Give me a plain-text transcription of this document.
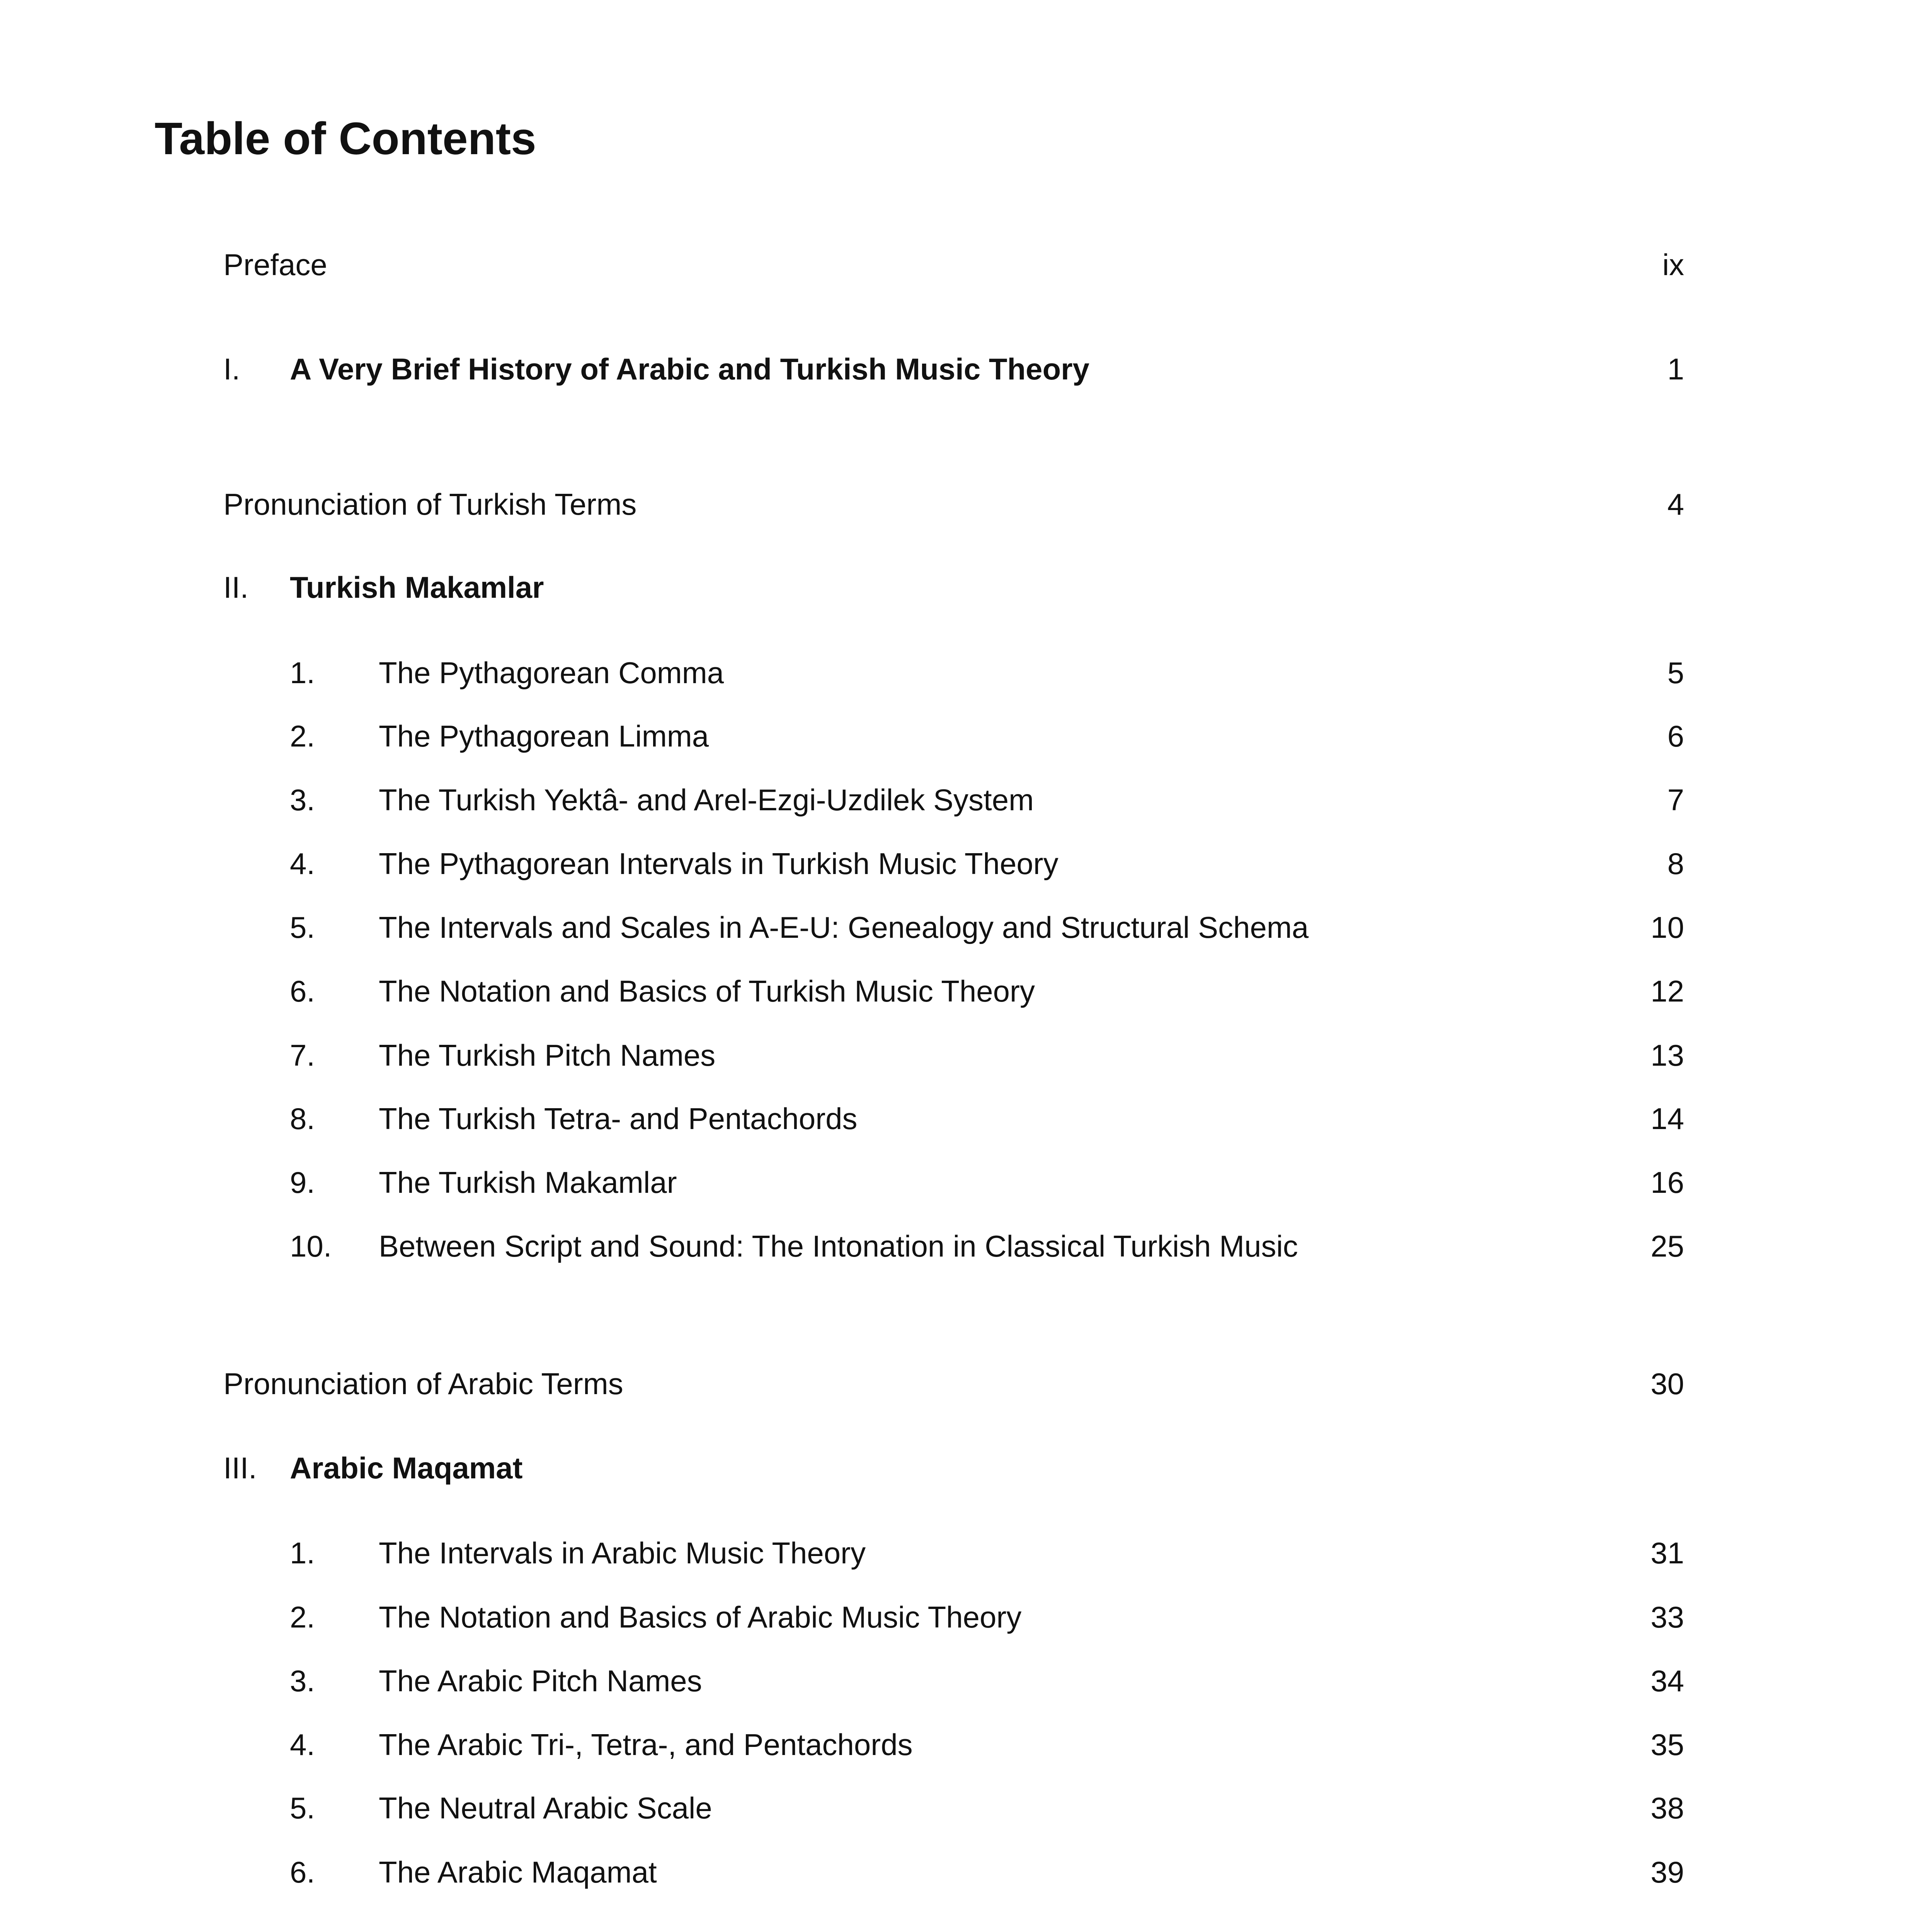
Table of Contents
Preface	ix
I. A Very Brief History of Arabic and Turkish Music Theory	1
Pronunciation of Turkish Terms	4
II. Turkish Makamlar
1. The Pythagorean Comma	5
2. The Pythagorean Limma	6
3. The Turkish Yektâ- and Arel-Ezgi-Uzdilek System	7
4. The Pythagorean Intervals in Turkish Music Theory	8
5. The Intervals and Scales in A-E-U: Genealogy and Structural Schema	10
6. The Notation and Basics of Turkish Music Theory	12
7. The Turkish Pitch Names	13
8. The Turkish Tetra- and Pentachords	14
9. The Turkish Makamlar	16
10. Between Script and Sound: The Intonation in Classical Turkish Music	25
Pronunciation of Arabic Terms	30
III. Arabic Maqamat
1. The Intervals in Arabic Music Theory	31
2. The Notation and Basics of Arabic Music Theory	33
3. The Arabic Pitch Names	34
4. The Arabic Tri-, Tetra-, and Pentachords	35
5. The Neutral Arabic Scale	38
6. The Arabic Maqamat	39
